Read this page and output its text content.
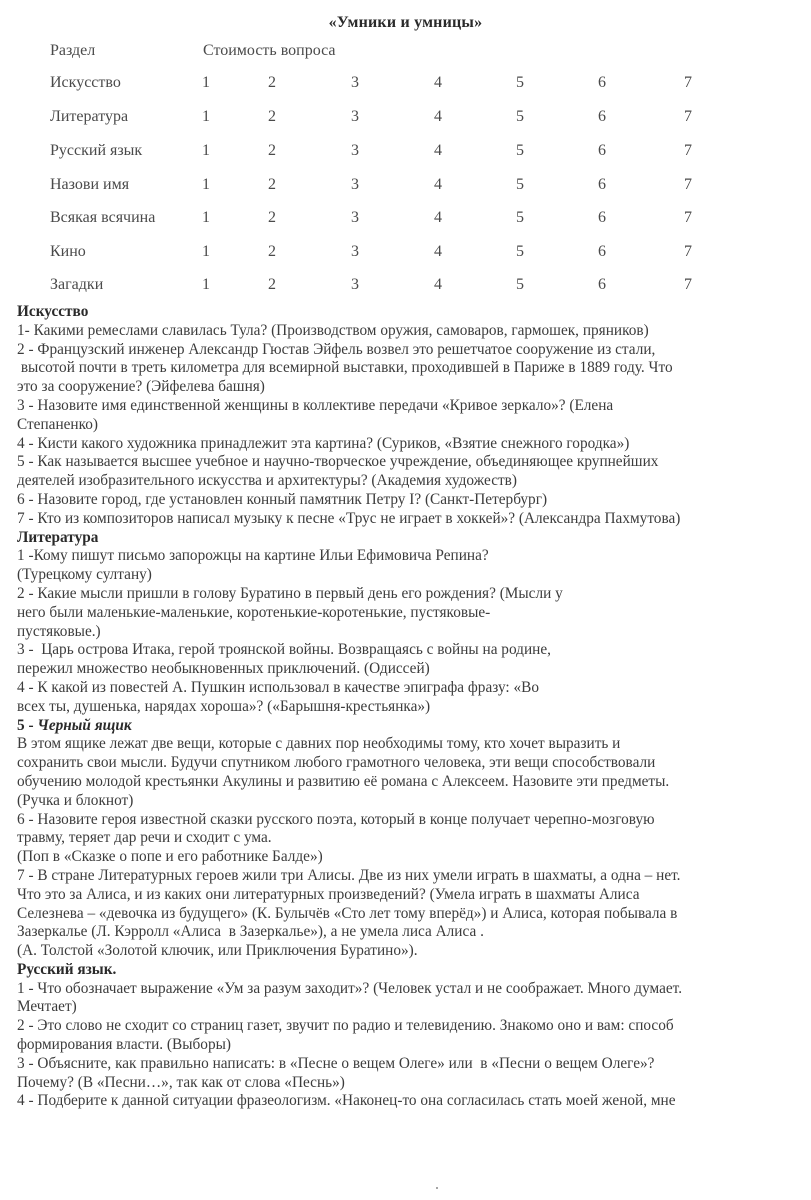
«Умники и умницы»
Раздел	Стоимость вопроса
Искусство	1	2	3	4	5	6	7
Литература	1	2	3	4	5	6	7
Русский язык	1	2	3	4	5	6	7
Назови имя	1	2	3	4	5	6	7
Всякая всячина	1	2	3	4	5	6	7
Кино	1	2	3	4	5	6	7
Загадки	1	2	3	4	5	6	7

Искусство

1- Какими ремеслами славилась Тула? (Производством оружия, самоваров, гармошек, пряников)

2 - Французский инженер Александр Гюстав Эйфель возвел это решетчатое сооружение из стали,

высотой почти в треть километра для всемирной выставки, проходившей в Париже в 1889 году. Что

это за сооружение? (Эйфелева башня)

3 - Назовите имя единственной женщины в коллективе передачи «Кривое зеркало»? (Елена

Степаненко)

4 - Кисти какого художника принадлежит эта картина? (Суриков, «Взятие снежного городка»)

5 - Как называется высшее учебное и научно-творческое учреждение, объединяющее крупнейших

деятелей изобразительного искусства и архитектуры? (Академия художеств)

6 - Назовите город, где установлен конный памятник Петру I? (Санкт-Петербург)

7 - Кто из композиторов написал музыку к песне «Трус не играет в хоккей»? (Александра Пахмутова)

Литература

1 -Кому пишут письмо запорожцы на картине Ильи Ефимовича Репина?

(Турецкому султану)

2 - Какие мысли пришли в голову Буратино в первый день его рождения? (Мысли у

него были маленькие-маленькие, коротенькие-коротенькие, пустяковые-

пустяковые.)

3 -  Царь острова Итака, герой троянской войны. Возвращаясь с войны на родине,

пережил множество необыкновенных приключений. (Одиссей)

4 - К какой из повестей А. Пушкин использовал в качестве эпиграфа фразу: «Во

всех ты, душенька, нарядах хороша»? («Барышня-крестьянка»)

5 - Черный ящик

В этом ящике лежат две вещи, которые с давних пор необходимы тому, кто хочет выразить и

сохранить свои мысли. Будучи спутником любого грамотного человека, эти вещи способствовали

обучению молодой крестьянки Акулины и развитию её романа с Алексеем. Назовите эти предметы.

(Ручка и блокнот)

6 - Назовите героя известной сказки русского поэта, который в конце получает черепно-мозговую

травму, теряет дар речи и сходит с ума.

(Поп в «Сказке о попе и его работнике Балде»)

7 - В стране Литературных героев жили три Алисы. Две из них умели играть в шахматы, а одна – нет.

Что это за Алиса, и из каких они литературных произведений? (Умела играть в шахматы Алиса

Селезнева – «девочка из будущего» (К. Булычёв «Сто лет тому вперёд») и Алиса, которая побывала в

Зазеркалье (Л. Кэрролл «Алиса  в Зазеркалье»), а не умела лиса Алиса .

(А. Толстой «Золотой ключик, или Приключения Буратино»).

Русский язык.

1 - Что обозначает выражение «Ум за разум заходит»? (Человек устал и не соображает. Много думает.

Мечтает)

2 - Это слово не сходит со страниц газет, звучит по радио и телевидению. Знакомо оно и вам: способ

формирования власти. (Выборы)

3 - Объясните, как правильно написать: в «Песне о вещем Олеге» или  в «Песни о вещем Олеге»?

Почему? (В «Песни…», так как от слова «Песнь»)

4 - Подберите к данной ситуации фразеологизм. «Наконец-то она согласилась стать моей женой, мне
